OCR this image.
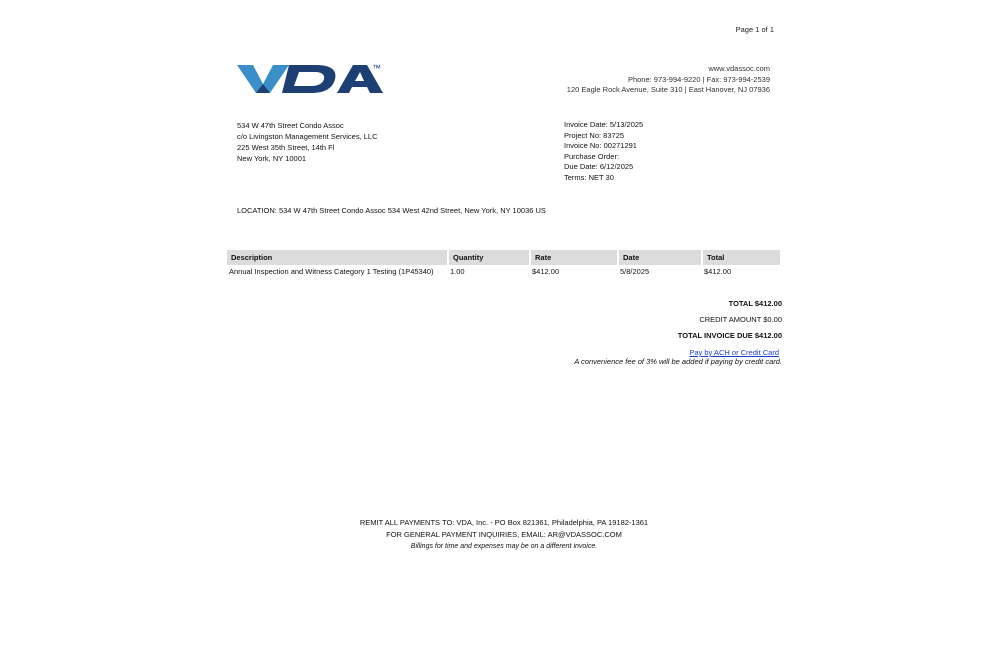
Page 1 of 1
™	www.vdassoc.com
Phone: 973-994-9220 | Fax: 973-994-2539
120 Eagle Rock Avenue, Suite 310 | East Hanover, NJ 07936
534 W 47th Street Condo Assoc
c/o Livingston Management Services, LLC
225 West 35th Street, 14th Fl
New York, NY 10001
Invoice Date: 5/13/2025
Project No: 83725
Invoice No: 00271291
Purchase Order:
Due Date: 6/12/2025
Terms: NET 30
LOCATION: 534 W 47th Street Condo Assoc 534 West 42nd Street, New York, NY 10036 US
Description	Quantity	Rate	Date	Total
Annual Inspection and Witness Category 1 Testing (1P45340)	1.00	$412.00	5/8/2025	$412.00
TOTAL $412.00
CREDIT AMOUNT $0.00
TOTAL INVOICE DUE $412.00
Pay by ACH or Credit Card
A convenience fee of 3% will be added if paying by credit card.
REMIT ALL PAYMENTS TO: VDA, Inc. - PO Box 821361, Philadelphia, PA 19182-1361
FOR GENERAL PAYMENT INQUIRIES, EMAIL: AR@VDASSOC.COM
Billings for time and expenses may be on a different invoice.
